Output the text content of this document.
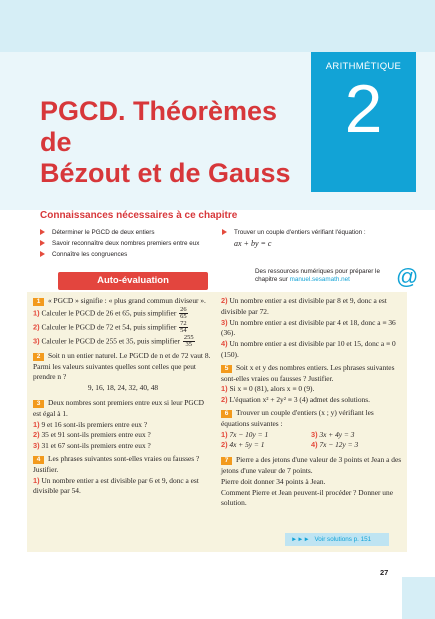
ARITHMÉTIQUE
2
PGCD. Théorèmes de
Bézout et de Gauss
Connaissances nécessaires à ce chapitre
Déterminer le PGCD de deux entiers
Savoir reconnaître deux nombres premiers entre eux
Connaître les congruences
Trouver un couple d'entiers vérifiant l'équation :
ax + by = c
Auto-évaluation
Des ressources numériques pour préparer le chapitre sur manuel.sesamath.net	@
1 « PGCD » signifie : « plus grand commun diviseur ».
1) Calculer le PGCD de 26 et 65, puis simplifier $\frac{26}{65}$
2) Calculer le PGCD de 72 et 54, puis simplifier $\frac{72}{54}$
3) Calculer le PGCD de 255 et 35, puis simplifier $\frac{255}{35}$
2 Soit n un entier naturel. Le PGCD de n et de 72 vaut 8. Parmi les valeurs suivantes quelles sont celles que peut prendre n ?
9, 16, 18, 24, 32, 40, 48
3 Deux nombres sont premiers entre eux si leur PGCD est égal à 1.
1) 9 et 16 sont-ils premiers entre eux ?
2) 35 et 91 sont-ils premiers entre eux ?
3) 31 et 67 sont-ils premiers entre eux ?
4 Les phrases suivantes sont-elles vraies ou fausses ? Justifier.
1) Un nombre entier a est divisible par 6 et 9, donc a est divisible par 54.
2) Un nombre entier a est divisible par 8 et 9, donc a est divisible par 72.
3) Un nombre entier a est divisible par 4 et 18, donc a ≡ 36 (36).
4) Un nombre entier a est divisible par 10 et 15, donc a ≡ 0 (150).
5 Soit x et y des nombres entiers. Les phrases suivantes sont-elles vraies ou fausses ? Justifier.
1) Si x ≡ 0 (81), alors x ≡ 0 (9).
2) L'équation x² + 2y² ≡ 3 (4) admet des solutions.
6 Trouver un couple d'entiers (x ; y) vérifiant les équations suivantes :
1) 7x − 10y = 1
2) 4x + 5y = 1
3) 3x + 4y = 3
4) 7x − 12y = 3
7 Pierre a des jetons d'une valeur de 3 points et Jean a des jetons d'une valeur de 7 points.
Pierre doit donner 34 points à Jean.
Comment Pierre et Jean peuvent-il procéder ? Donner une solution.
►►► Voir solutions p. 151
27
